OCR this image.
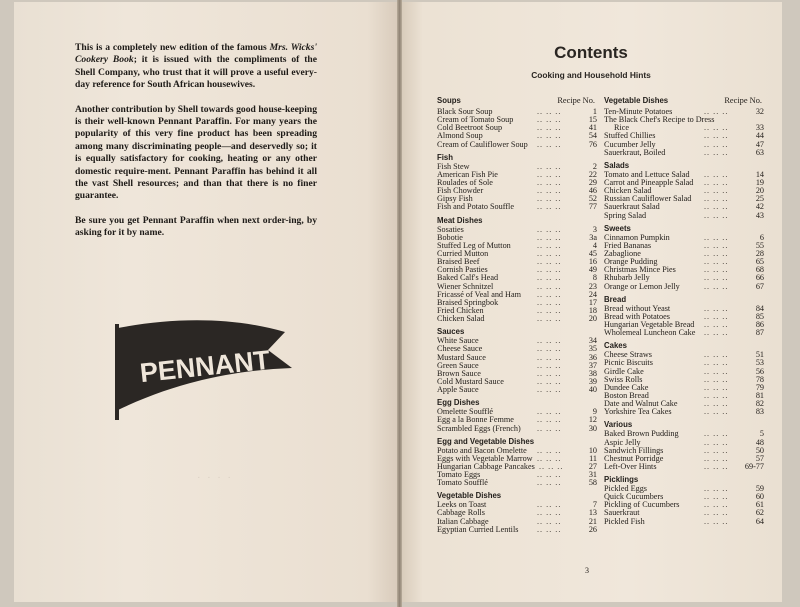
This is a completely new edition of the famous Mrs. Wicks' Cookery Book; it is issued with the compliments of the Shell Company, who trust that it will prove a useful every-day reference for South African housewives.

Another contribution by Shell towards good house-keeping is their well-known Pennant Paraffin. For many years the popularity of this very fine product has been spreading among many discriminating people—and deservedly so; it is equally satisfactory for cooking, heating or any other domestic require-ment. Pennant Paraffin has behind it all the vast Shell resources; and than that there is no finer guarantee.

Be sure you get Pennant Paraffin when next order-ing, by asking for it by name.

PENNANT
· · · ·
Contents
Cooking and Household Hints
Soups	Recipe No.
Black Sour Soup	.. .. ..	1
Cream of Tomato Soup	.. .. ..	15
Cold Beetroot Soup	.. .. ..	41
Almond Soup	.. .. ..	54
Cream of Cauliflower Soup .. .. ..	76
Fish
Fish Stew	.. .. ..	2
American Fish Pie	.. .. ..	22
Roulades of Sole	.. .. ..	29
Fish Chowder	.. .. ..	46
Gipsy Fish	.. .. ..	52
Fish and Potato Souffle	.. .. ..	77
Meat Dishes
Sosaties	.. .. ..	3
Bobotie	.. .. ..	3a
Stuffed Leg of Mutton	.. .. ..	4
Curried Mutton	.. .. ..	45
Braised Beef	.. .. ..	16
Cornish Pasties	.. .. ..	49
Baked Calf's Head	.. .. ..	8
Wiener Schnitzel	.. .. ..	23
Fricassé of Veal and Ham .. .. ..	24
Braised Springbok	.. .. ..	17
Fried Chicken	.. .. ..	18
Chicken Salad	.. .. ..	20
Sauces
White Sauce	.. .. ..	34
Cheese Sauce	.. .. ..	35
Mustard Sauce	.. .. ..	36
Green Sauce	.. .. ..	37
Brown Sauce	.. .. ..	38
Cold Mustard Sauce	.. .. ..	39
Apple Sauce	.. .. ..	40
Egg Dishes
Omelette Soufflé	.. .. ..	9
Egg a la Bonne Femme	.. .. ..	12
Scrambled Eggs (French) .. .. ..	30
Egg and Vegetable Dishes
Potato and Bacon Omelette .. .. ..	10
Eggs with Vegetable Marrow .. .. ..	11
Hungarian Cabbage Pancakes .. .. ..	27
Tomato Eggs	.. .. ..	31
Tomato Soufflé	.. .. ..	58
Vegetable Dishes
Leeks on Toast	.. .. ..	7
Cabbage Rolls	.. .. ..	13
Italian Cabbage	.. .. ..	21
Egyptian Curried Lentils .. .. ..	26
Vegetable Dishes	Recipe No.
Ten-Minute Potatoes	.. .. ..	32
The Black Chef's Recipe to Dress
Rice	.. .. ..	33
Stuffed Chillies	.. .. ..	44
Cucumber Jelly	.. .. ..	47
Sauerkraut, Boiled	.. .. ..	63
Salads
Tomato and Lettuce Salad .. .. ..	14
Carrot and Pineapple Salad .. .. ..	19
Chicken Salad	.. .. ..	20
Russian Cauliflower Salad .. .. ..	25
Sauerkraut Salad	.. .. ..	42
Spring Salad	.. .. ..	43
Sweets
Cinnamon Pumpkin	.. .. ..	6
Fried Bananas	.. .. ..	55
Zabaglione	.. .. ..	28
Orange Pudding	.. .. ..	65
Christmas Mince Pies	.. .. ..	68
Rhubarb Jelly	.. .. ..	66
Orange or Lemon Jelly	.. .. ..	67
Bread
Bread without Yeast	.. .. ..	84
Bread with Potatoes	.. .. ..	85
Hungarian Vegetable Bread .. .. ..	86
Wholemeal Luncheon Cake .. .. ..	87
Cakes
Cheese Straws	.. .. ..	51
Picnic Biscuits	.. .. ..	53
Girdle Cake	.. .. ..	56
Swiss Rolls	.. .. ..	78
Dundee Cake	.. .. ..	79
Boston Bread	.. .. ..	81
Date and Walnut Cake	.. .. ..	82
Yorkshire Tea Cakes	.. .. ..	83
Various
Baked Brown Pudding	.. .. ..	5
Aspic Jelly	.. .. ..	48
Sandwich Fillings	.. .. ..	50
Chestnut Porridge	.. .. ..	57
Left-Over Hints	.. .. .. 69-77
Picklings
Pickled Eggs	.. .. ..	59
Quick Cucumbers	.. .. ..	60
Pickling of Cucumbers	.. .. ..	61
Sauerkraut	.. .. ..	62
Pickled Fish	.. .. ..	64
3
